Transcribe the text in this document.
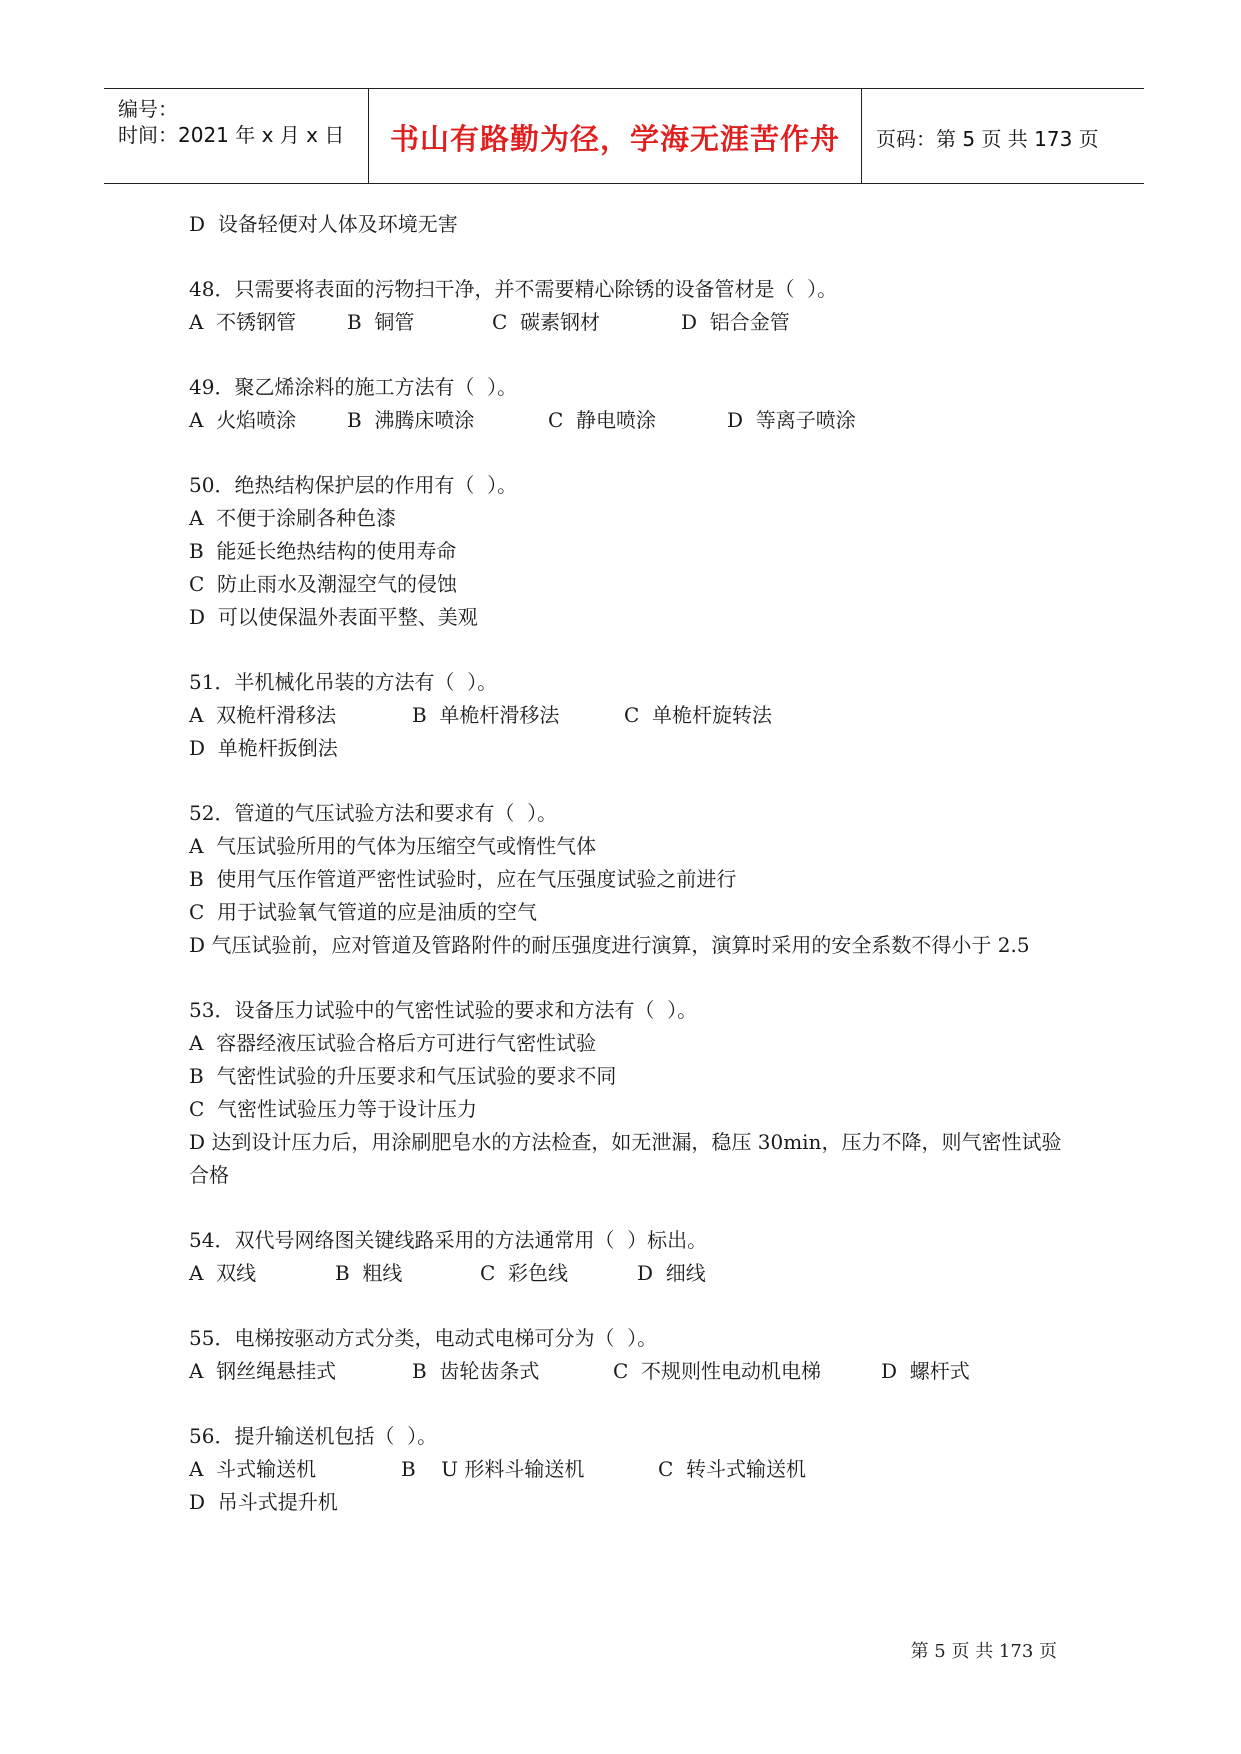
编号：
时间：2021 年 x 月 x 日	书山有路勤为径，学海无涯苦作舟	页码：第 5 页 共 173 页
D  设备轻便对人体及环境无害
48．只需要将表面的污物扫干净，并不需要精心除锈的设备管材是（  ）。
A  不锈钢管	B  铜管	C  碳素钢材	D  铝合金管
49．聚乙烯涂料的施工方法有（  ）。
A  火焰喷涂	B  沸腾床喷涂	C  静电喷涂	D  等离子喷涂
50．绝热结构保护层的作用有（  ）。
A  不便于涂刷各种色漆
B  能延长绝热结构的使用寿命
C  防止雨水及潮湿空气的侵蚀
D  可以使保温外表面平整、美观
51．半机械化吊装的方法有（  ）。
A  双桅杆滑移法	B  单桅杆滑移法	C  单桅杆旋转法
D  单桅杆扳倒法
52．管道的气压试验方法和要求有（  ）。
A  气压试验所用的气体为压缩空气或惰性气体
B  使用气压作管道严密性试验时，应在气压强度试验之前进行
C  用于试验氧气管道的应是油质的空气
D 气压试验前，应对管道及管路附件的耐压强度进行演算，演算时采用的安全系数不得小于 2.5
53．设备压力试验中的气密性试验的要求和方法有（  ）。
A  容器经液压试验合格后方可进行气密性试验
B  气密性试验的升压要求和气压试验的要求不同
C  气密性试验压力等于设计压力
D 达到设计压力后，用涂刷肥皂水的方法检查，如无泄漏，稳压 30min，压力不降，则气密性试验合格
54．双代号网络图关键线路采用的方法通常用（  ）标出。
A  双线	B  粗线	C  彩色线	D  细线
55．电梯按驱动方式分类，电动式电梯可分为（  ）。
A  钢丝绳悬挂式	B  齿轮齿条式	C  不规则性电动机电梯	D  螺杆式
56．提升输送机包括（  ）。
A  斗式输送机	B    U 形料斗输送机	C  转斗式输送机
D  吊斗式提升机
第 5 页 共 173 页
